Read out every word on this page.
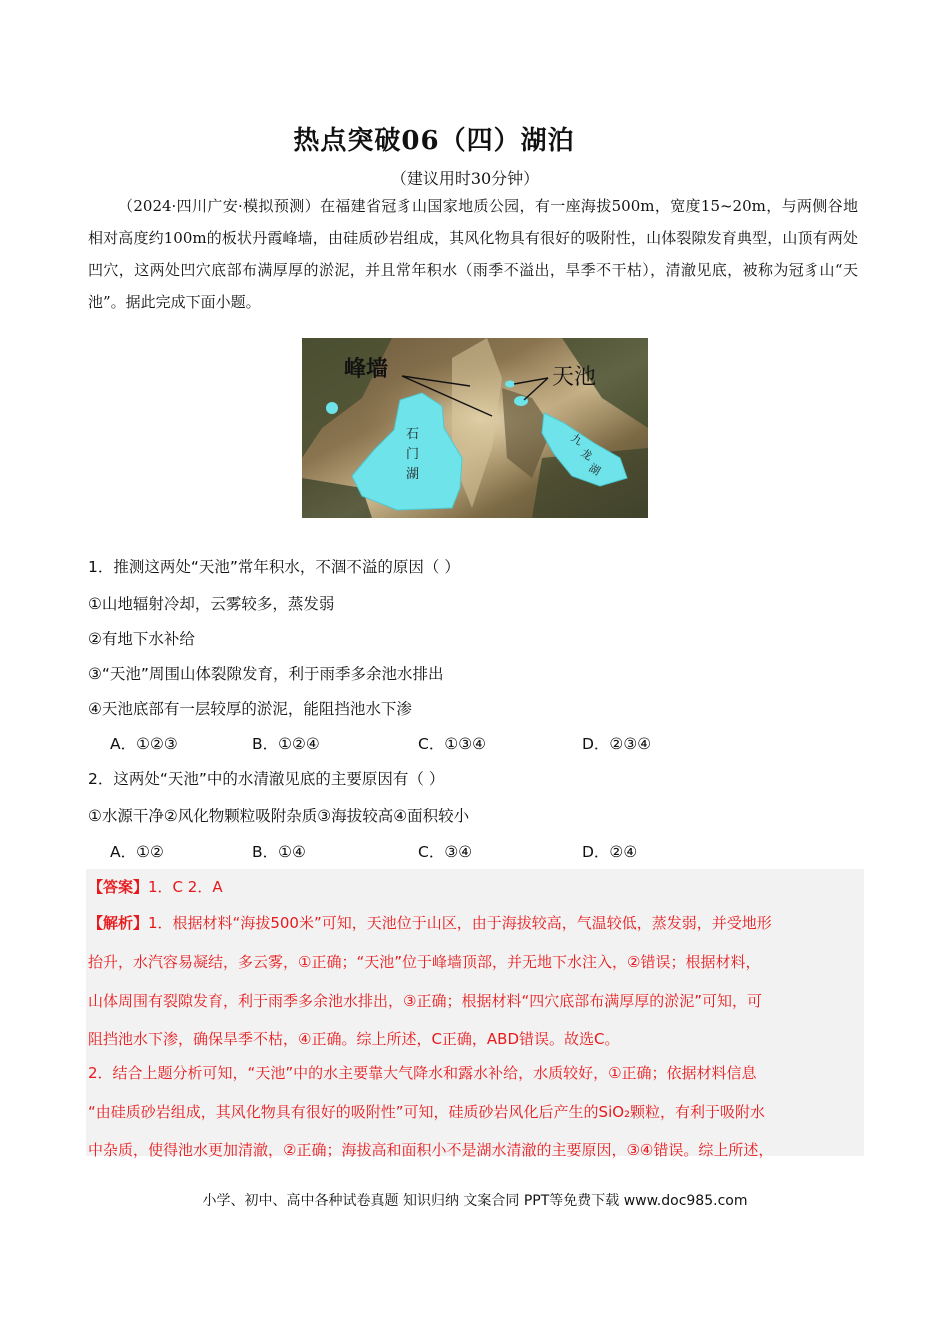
热点突破06（四）湖泊
（建议用时30分钟）
（2024·四川广安·模拟预测）在福建省冠豸山国家地质公园，有一座海拔500m，宽度15~20m，与两侧谷地相对高度约100m的板状丹霞峰墙，由硅质砂岩组成，其风化物具有很好的吸附性，山体裂隙发育典型，山顶有两处凹穴，这两处凹穴底部布满厚厚的淤泥，并且常年积水（雨季不溢出，旱季不干枯），清澈见底，被称为冠豸山“天池”。据此完成下面小题。
峰墙	天池
石
门
湖
九
龙
湖
1．推测这两处“天池”常年积水，不涸不溢的原因（ ）
①山地辐射冷却，云雾较多，蒸发弱
②有地下水补给
③“天池”周围山体裂隙发育，利于雨季多余池水排出
④天池底部有一层较厚的淤泥，能阻挡池水下渗
A．①②③	B．①②④	C．①③④	D．②③④
2．这两处“天池”中的水清澈见底的主要原因有（ ）
①水源干净②风化物颗粒吸附杂质③海拔较高④面积较小
A．①②	B．①④	C．③④	D．②④
【答案】1．C 2．A
【解析】1．根据材料“海拔500米”可知，天池位于山区，由于海拔较高，气温较低，蒸发弱，并受地形
抬升，水汽容易凝结，多云雾，①正确；“天池”位于峰墙顶部，并无地下水注入，②错误；根据材料，
山体周围有裂隙发育，利于雨季多余池水排出，③正确；根据材料“四穴底部布满厚厚的淤泥”可知，可
阻挡池水下渗，确保旱季不枯，④正确。综上所述，C正确，ABD错误。故选C。
2．结合上题分析可知，“天池”中的水主要靠大气降水和露水补给，水质较好，①正确；依据材料信息
“由硅质砂岩组成，其风化物具有很好的吸附性”可知，硅质砂岩风化后产生的SiO₂颗粒，有利于吸附水
中杂质，使得池水更加清澈，②正确；海拔高和面积小不是湖水清澈的主要原因，③④错误。综上所述，
小学、初中、高中各种试卷真题 知识归纳 文案合同 PPT等免费下载 www.doc985.com
